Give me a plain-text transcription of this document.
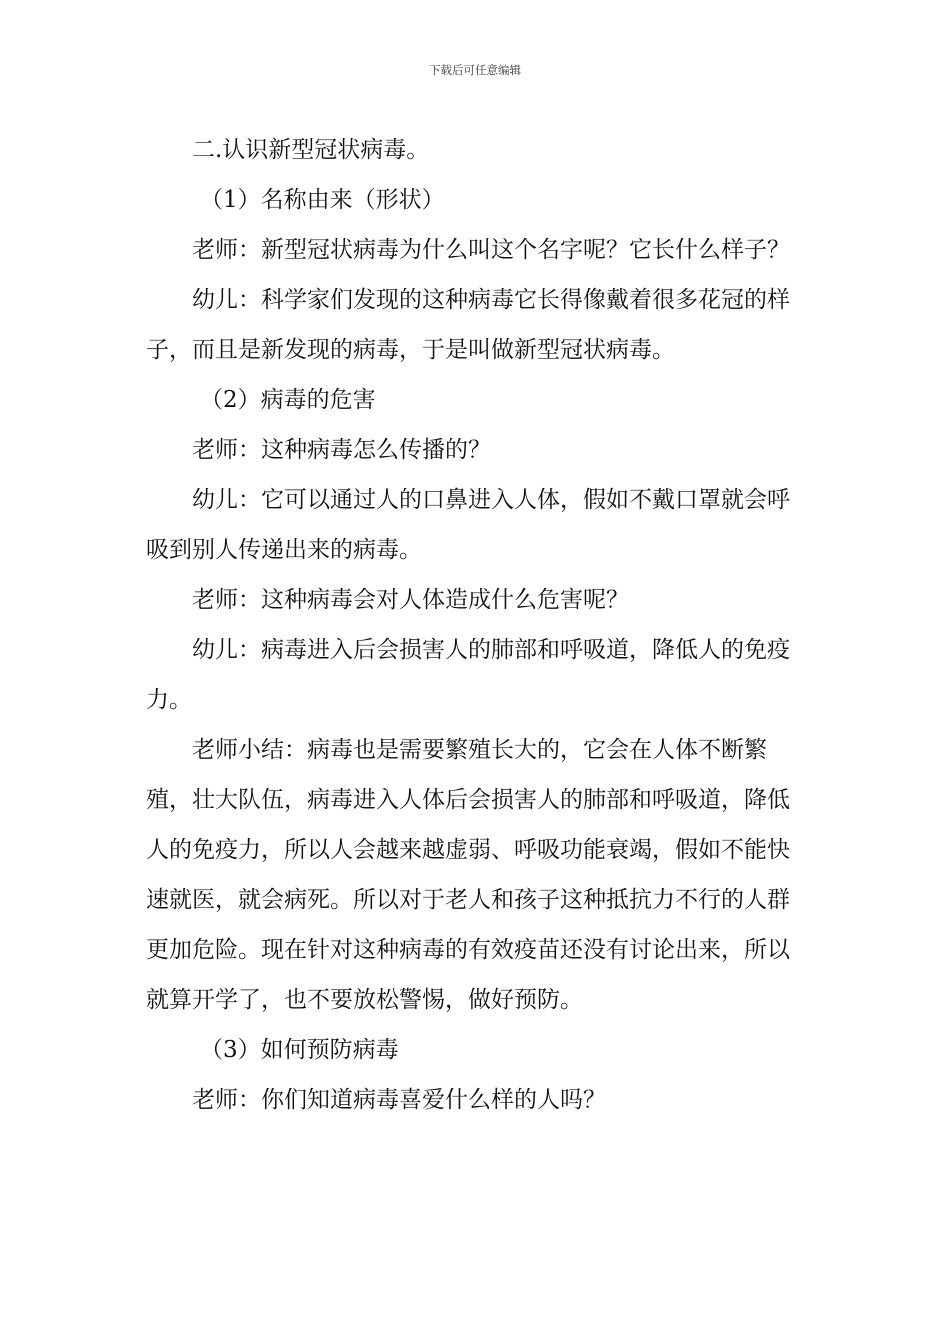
下载后可任意编辑

二.认识新型冠状病毒。

（1）名称由来（形状）

老师：新型冠状病毒为什么叫这个名字呢？它长什么样子？

幼儿：科学家们发现的这种病毒它长得像戴着很多花冠的样子，而且是新发现的病毒，于是叫做新型冠状病毒。

（2）病毒的危害

老师：这种病毒怎么传播的？

幼儿：它可以通过人的口鼻进入人体，假如不戴口罩就会呼吸到别人传递出来的病毒。

老师：这种病毒会对人体造成什么危害呢？

幼儿：病毒进入后会损害人的肺部和呼吸道，降低人的免疫力。

老师小结：病毒也是需要繁殖长大的，它会在人体不断繁殖，壮大队伍，病毒进入人体后会损害人的肺部和呼吸道，降低人的免疫力，所以人会越来越虚弱、呼吸功能衰竭，假如不能快速就医，就会病死。所以对于老人和孩子这种抵抗力不行的人群更加危险。现在针对这种病毒的有效疫苗还没有讨论出来，所以就算开学了，也不要放松警惕，做好预防。

（3）如何预防病毒

老师：你们知道病毒喜爱什么样的人吗？
